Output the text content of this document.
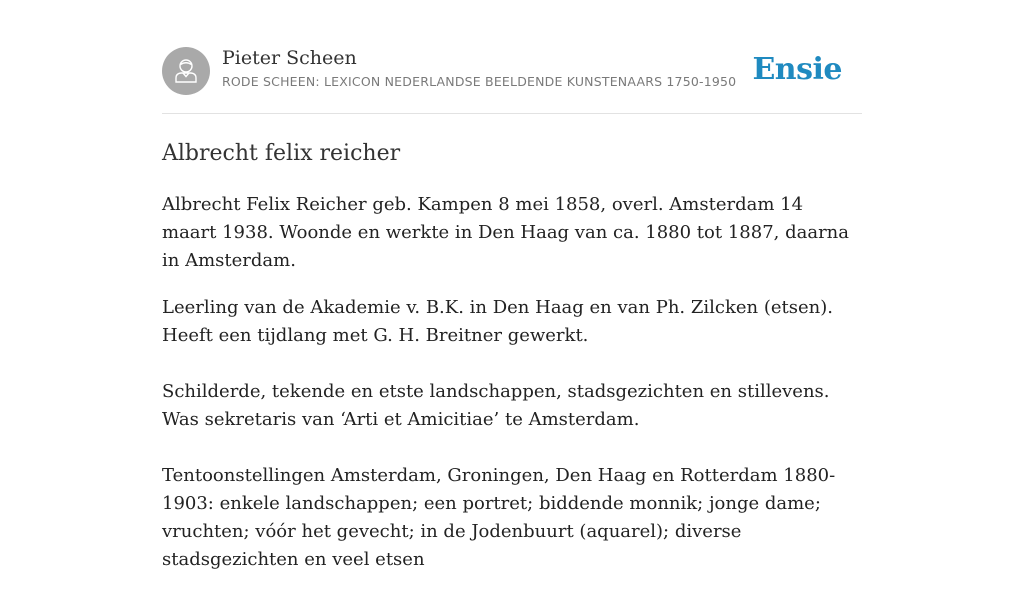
Pieter Scheen
RODE SCHEEN: LEXICON NEDERLANDSE BEELDENDE KUNSTENAARS 1750-1950 Ensie
Albrecht felix reicher

Albrecht Felix Reicher geb. Kampen 8 mei 1858, overl. Amsterdam 14 maart 1938. Woonde en werkte in Den Haag van ca. 1880 tot 1887, daarna in Amsterdam.

Leerling van de Akademie v. B.K. in Den Haag en van Ph. Zilcken (etsen). Heeft een tijdlang met G. H. Breitner gewerkt.

Schilderde, tekende en etste landschappen, stadsgezichten en stillevens. Was sekretaris van ‘Arti et Amicitiae’ te Amsterdam.

Tentoonstellingen Amsterdam, Groningen, Den Haag en Rotterdam 1880-1903: enkele landschappen; een portret; biddende monnik; jonge dame; vruchten; vóór het gevecht; in de Jodenbuurt (aquarel); diverse stadsgezichten en veel etsen
